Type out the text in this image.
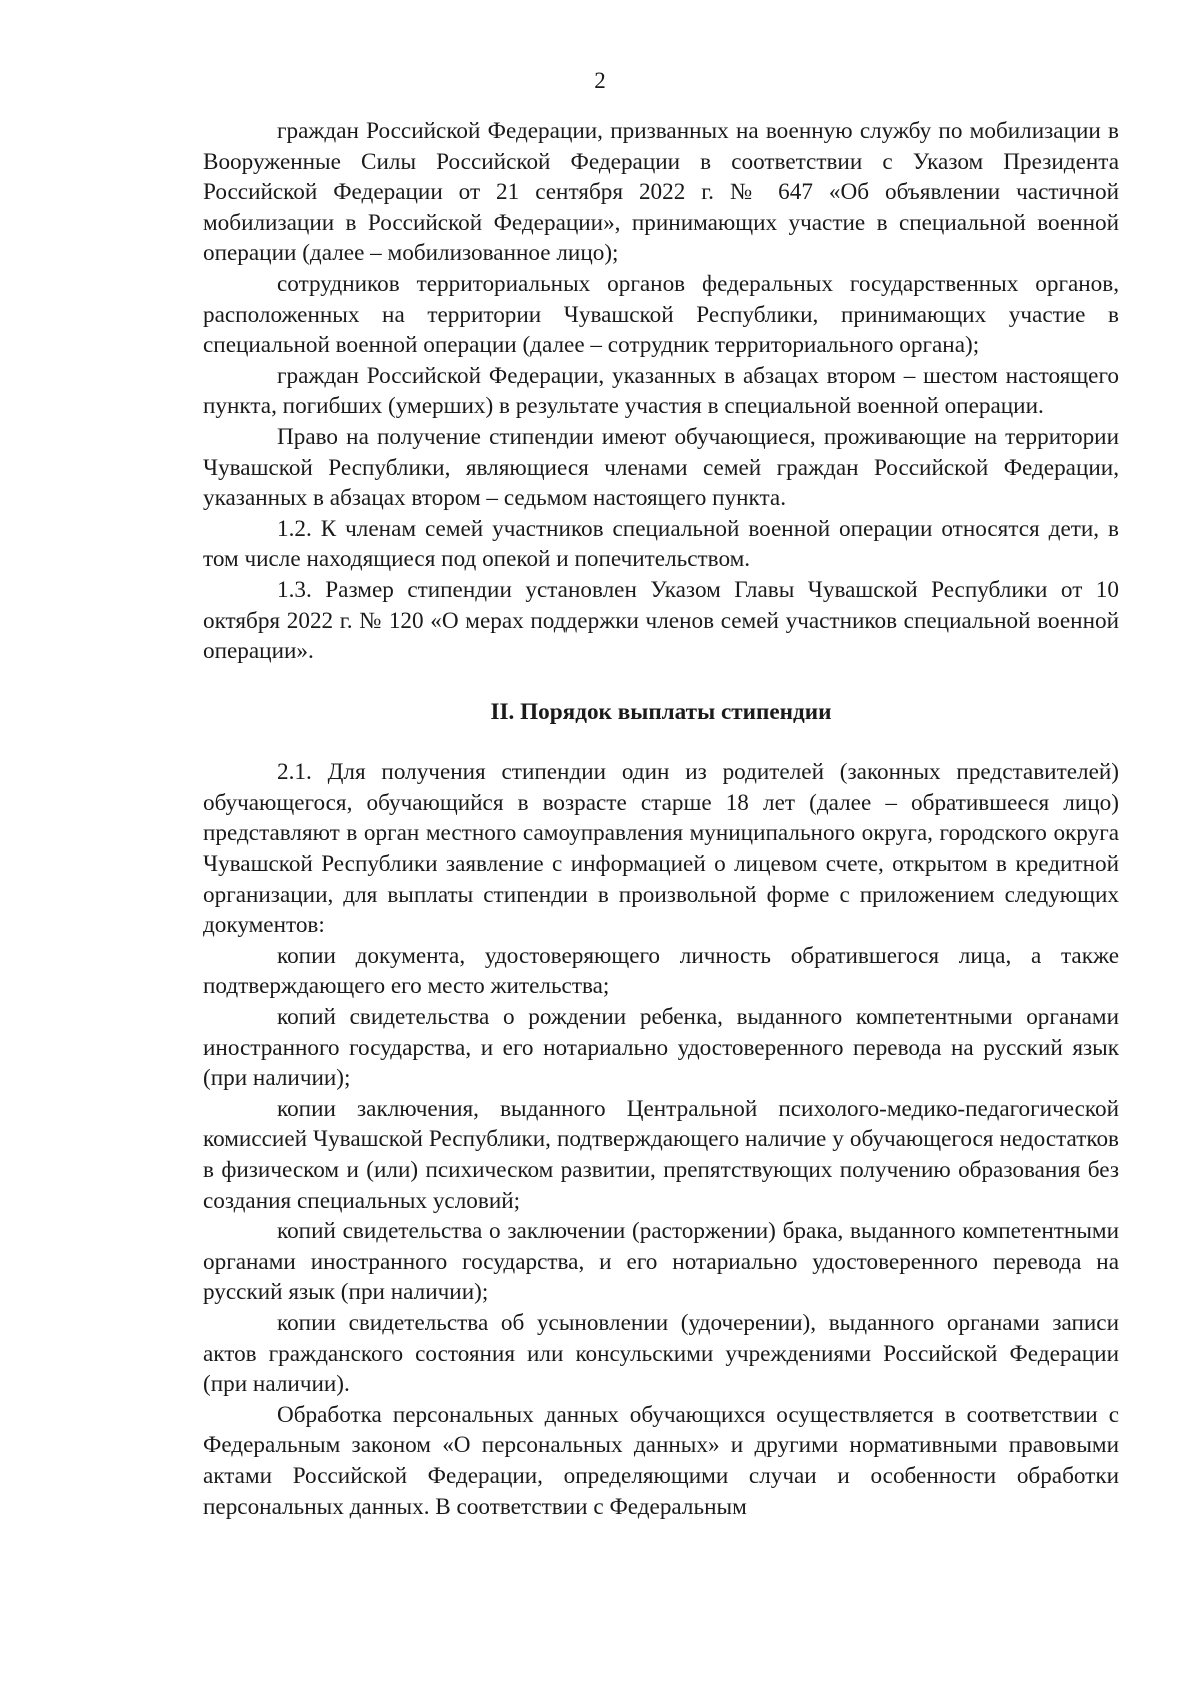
2

граждан Российской Федерации, призванных на военную службу по мобилизации в Вооруженные Силы Российской Федерации в соответствии с Указом Президента Российской Федерации от 21 сентября 2022 г. № 647 «Об объявлении частичной мобилизации в Российской Федерации», принимающих участие в специальной военной операции (далее – мобилизованное лицо);

сотрудников территориальных органов федеральных государственных органов, расположенных на территории Чувашской Республики, принимающих участие в специальной военной операции (далее – сотрудник территориального органа);

граждан Российской Федерации, указанных в абзацах втором – шестом настоящего пункта, погибших (умерших) в результате участия в специальной военной операции.

Право на получение стипендии имеют обучающиеся, проживающие на территории Чувашской Республики, являющиеся членами семей граждан Российской Федерации, указанных в абзацах втором – седьмом настоящего пункта.

1.2. К членам семей участников специальной военной операции относятся дети, в том числе находящиеся под опекой и попечительством.

1.3. Размер стипендии установлен Указом Главы Чувашской Республики от 10 октября 2022 г. № 120 «О мерах поддержки членов семей участников специальной военной операции».

II. Порядок выплаты стипендии

2.1. Для получения стипендии один из родителей (законных представителей) обучающегося, обучающийся в возрасте старше 18 лет (далее – обратившееся лицо) представляют в орган местного самоуправления муниципального округа, городского округа Чувашской Республики заявление с информацией о лицевом счете, открытом в кредитной организации, для выплаты стипендии в произвольной форме с приложением следующих документов:

копии документа, удостоверяющего личность обратившегося лица, а также подтверждающего его место жительства;

копий свидетельства о рождении ребенка, выданного компетентными органами иностранного государства, и его нотариально удостоверенного перевода на русский язык (при наличии);

копии заключения, выданного Центральной психолого-медико-педагогической комиссией Чувашской Республики, подтверждающего наличие у обучающегося недостатков в физическом и (или) психическом развитии, препятствующих получению образования без создания специальных условий;

копий свидетельства о заключении (расторжении) брака, выданного компетентными органами иностранного государства, и его нотариально удостоверенного перевода на русский язык (при наличии);

копии свидетельства об усыновлении (удочерении), выданного органами записи актов гражданского состояния или консульскими учреждениями Российской Федерации (при наличии).

Обработка персональных данных обучающихся осуществляется в соответствии с Федеральным законом «О персональных данных» и другими нормативными правовыми актами Российской Федерации, определяющими случаи и особенности обработки персональных данных. В соответствии с Федеральным
